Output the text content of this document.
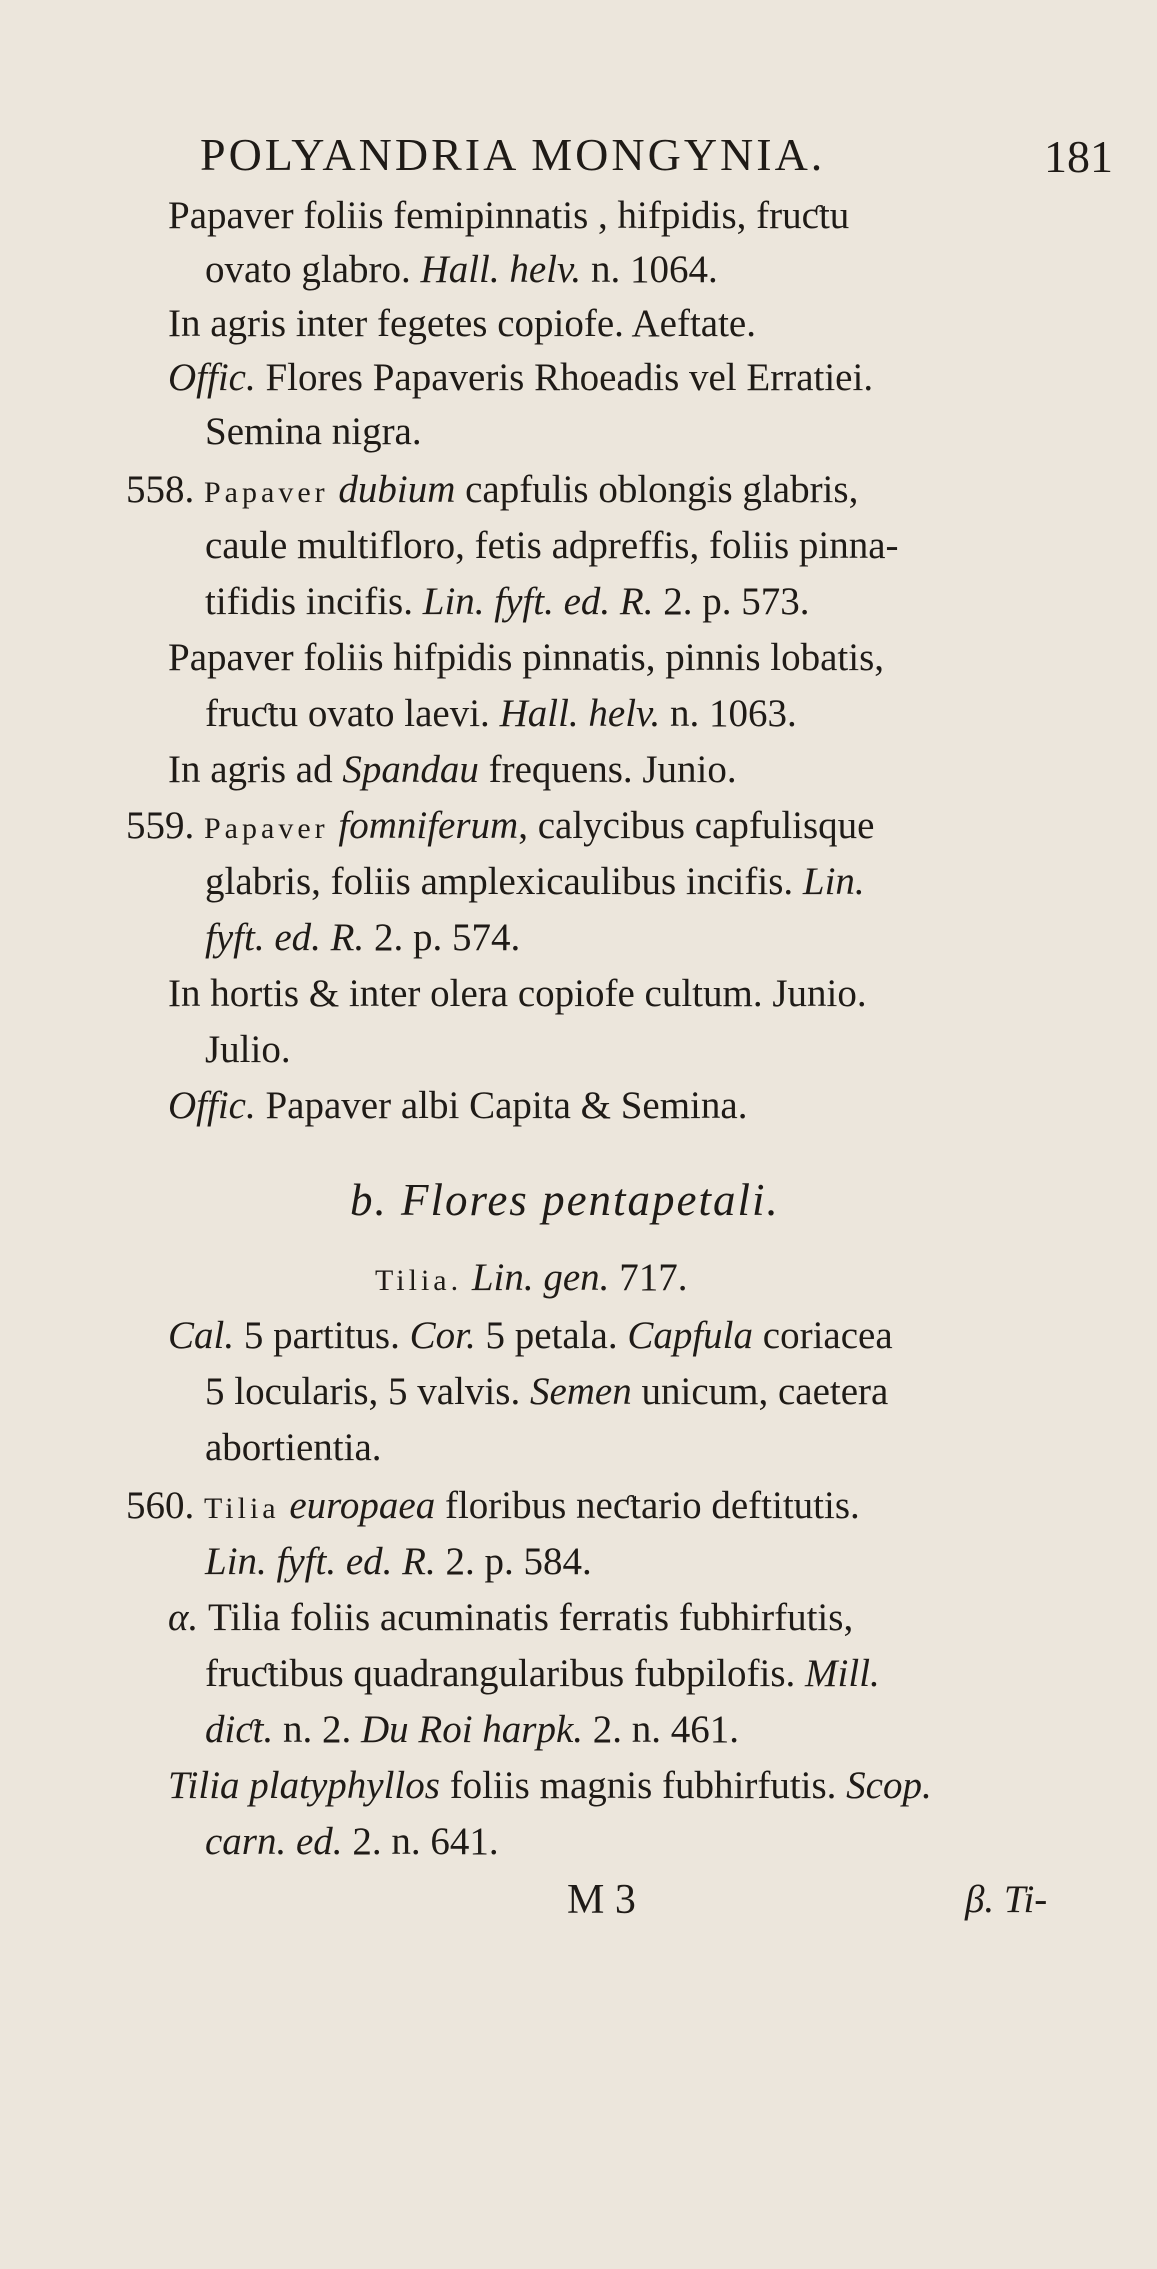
POLYANDRIA MONGYNIA.	181
Papaver foliis femipinnatis , hifpidis, fruƈtu
ovato glabro. Hall. helv. n. 1064.
In agris inter fegetes copiofe. Aeftate.
Offic. Flores Papaveris Rhoeadis vel Erratiei.
Semina nigra.
558. Papaver dubium capfulis oblongis glabris,
caule multifloro, fetis adpreffis, foliis pinna-
tifidis incifis. Lin. fyft. ed. R. 2. p. 573.
Papaver foliis hifpidis pinnatis, pinnis lobatis,
fruƈtu ovato laevi. Hall. helv. n. 1063.
In agris ad Spandau frequens. Junio.
559. Papaver fomniferum, calycibus capfulisque
glabris, foliis amplexicaulibus incifis. Lin.
fyft. ed. R. 2. p. 574.
In hortis & inter olera copiofe cultum. Junio.
Julio.
Offic. Papaver albi Capita & Semina.
b. Flores pentapetali.
Tilia. Lin. gen. 717.
Cal. 5 partitus. Cor. 5 petala. Capfula coriacea
5 locularis, 5 valvis. Semen unicum, caetera
abortientia.
560. Tilia europaea floribus neƈtario deftitutis.
Lin. fyft. ed. R. 2. p. 584.
α. Tilia foliis acuminatis ferratis fubhirfutis,
fruƈtibus quadrangularibus fubpilofis. Mill.
diƈt. n. 2. Du Roi harpk. 2. n. 461.
Tilia platyphyllos foliis magnis fubhirfutis. Scop.
carn. ed. 2. n. 641.
M 3	β. Ti-
